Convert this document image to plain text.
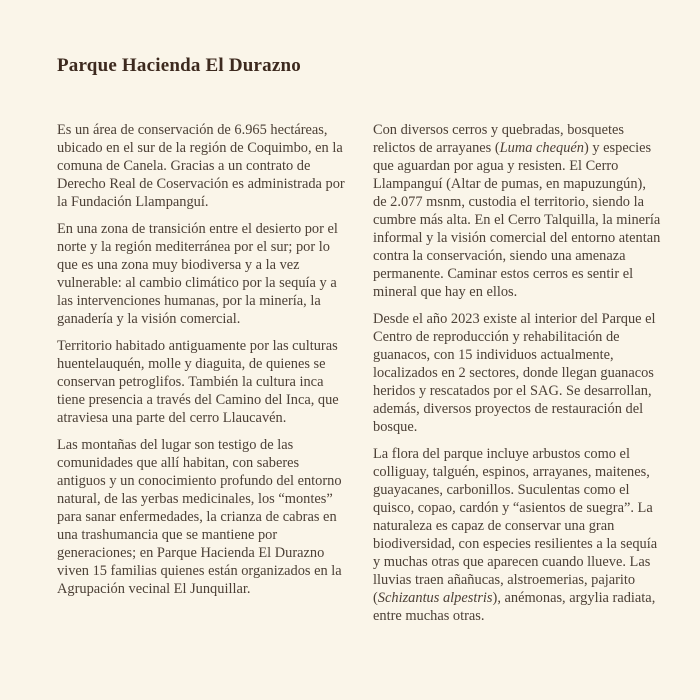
Parque Hacienda El Durazno

Es un área de conservación de 6.965 hectáreas, ubicado en el sur de la región de Coquimbo, en la comuna de Canela. Gracias a un contrato de Derecho Real de Coservación es administrada por la Fundación Llampanguí.

En una zona de transición entre el desierto por el norte y la región mediterránea por el sur; por lo que es una zona muy biodiversa y a la vez vulnerable: al cambio climático por la sequía y a las intervenciones humanas, por la minería, la ganadería y la visión comercial.

Territorio habitado antiguamente por las culturas huentelauquén, molle y diaguita, de quienes se conservan petroglifos. También la cultura inca tiene presencia a través del Camino del Inca, que atraviesa una parte del cerro Llaucavén.

Las montañas del lugar son testigo de las comunidades que allí habitan, con saberes antiguos y un conocimiento profundo del entorno natural, de las yerbas medicinales, los “montes” para sanar enfermedades, la crianza de cabras en una trashumancia que se mantiene por generaciones; en Parque Hacienda El Durazno viven 15 familias quienes están organizados en la Agrupación vecinal El Junquillar.

Con diversos cerros y quebradas, bosquetes relictos de arrayanes (Luma chequén) y especies que aguardan por agua y resisten. El Cerro Llampanguí (Altar de pumas, en mapuzungún), de 2.077 msnm, custodia el territorio, siendo la cumbre más alta. En el Cerro Talquilla, la minería informal y la visión comercial del entorno atentan contra la conservación, siendo una amenaza permanente. Caminar estos cerros es sentir el mineral que hay en ellos.

Desde el año 2023 existe al interior del Parque el Centro de reproducción y rehabilitación de guanacos, con 15 individuos actualmente, localizados en 2 sectores, donde llegan guanacos heridos y rescatados por el SAG. Se desarrollan, además, diversos proyectos de restauración del bosque.

La flora del parque incluye arbustos como el colliguay, talguén, espinos, arrayanes, maitenes, guayacanes, carbonillos. Suculentas como el quisco, copao, cardón y “asientos de suegra”. La naturaleza es capaz de conservar una gran biodiversidad, con especies resilientes a la sequía y muchas otras que aparecen cuando llueve. Las lluvias traen añañucas, alstroemerias, pajarito (Schizantus alpestris), anémonas, argylia radiata, entre muchas otras.
